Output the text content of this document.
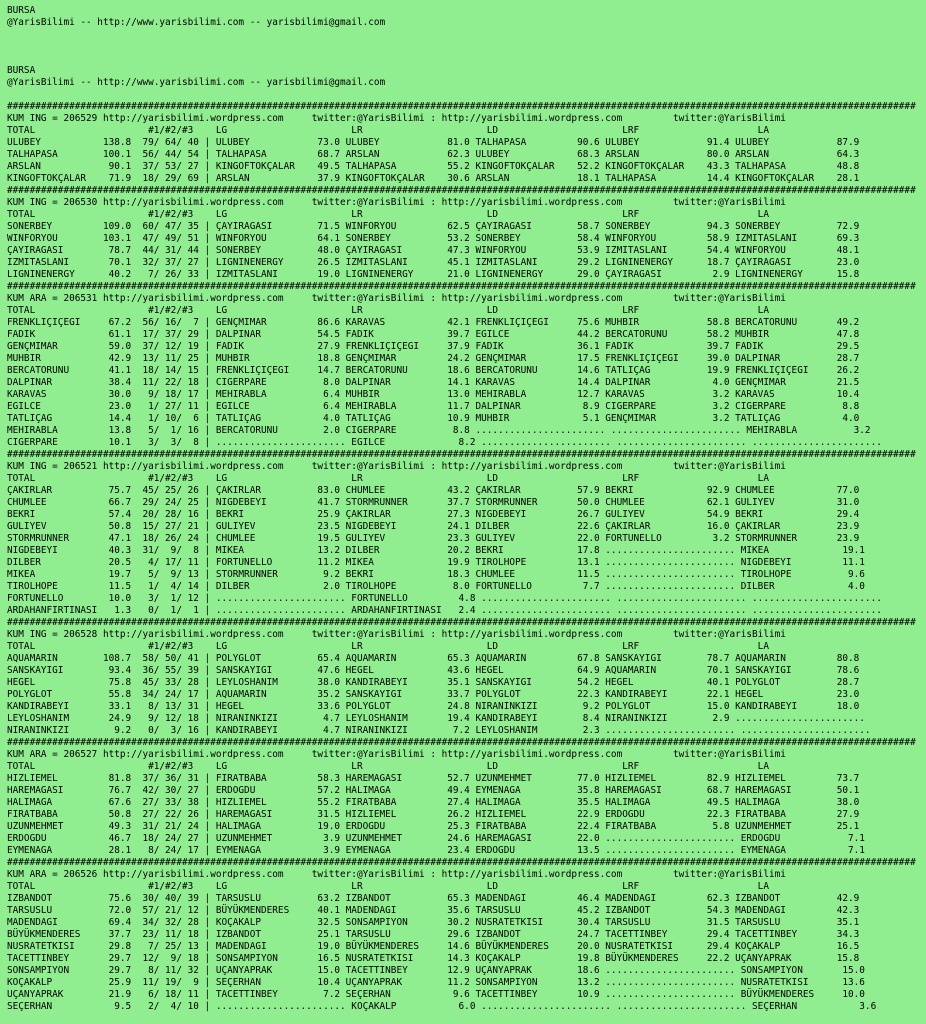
BURSA
@YarisBilimi -- http://www.yarisbilimi.com -- yarisbilimi@gmail.com

BURSA
@YarisBilimi -- http://www.yarisbilimi.com -- yarisbilimi@gmail.com

#################################################################################################################################################################
KUM ING = 206529 http://yarisbilimi.wordpress.com     twitter:@YarisBilimi : http://yarisbilimi.wordpress.com         twitter:@YarisBilimi
TOTAL                    #1/#2/#3    LG                      LR                      LD                      LRF                     LA
ULUBEY           138.8  79/ 64/ 40 | ULUBEY            73.0 ULUBEY            81.0 TALHAPASA         90.6 ULUBEY            91.4 ULUBEY            87.9
TALHAPASA        100.1  56/ 44/ 54 | TALHAPASA         68.7 ARSLAN            62.3 ULUBEY            68.3 ARSLAN            80.0 ARSLAN            64.3
ARSLAN            90.1  37/ 53/ 27 | KINGOFTOKÇALAR    49.5 TALHAPASA         55.2 KINGOFTOKÇALAR    52.2 KINGOFTOKÇALAR    43.3 TALHAPASA         48.8
KINGOFTOKÇALAR    71.9  18/ 29/ 69 | ARSLAN            37.9 KINGOFTOKÇALAR    30.6 ARSLAN            18.1 TALHAPASA         14.4 KINGOFTOKÇALAR    28.1
#################################################################################################################################################################
KUM ING = 206530 http://yarisbilimi.wordpress.com     twitter:@YarisBilimi : http://yarisbilimi.wordpress.com         twitter:@YarisBilimi
TOTAL                    #1/#2/#3    LG                      LR                      LD                      LRF                     LA
SONERBEY         109.0  60/ 47/ 35 | ÇAYIRAGASI        71.5 WINFORYOU         62.5 ÇAYIRAGASI        58.7 SONERBEY          94.3 SONERBEY          72.9
WINFORYOU        103.1  47/ 49/ 51 | WINFORYOU         64.1 SONERBEY          53.2 SONERBEY          58.4 WINFORYOU         58.9 IZMITASLANI       69.3
ÇAYIRAGASI        78.7  44/ 31/ 44 | SONERBEY          48.0 ÇAYIRAGASI        47.3 WINFORYOU         53.9 IZMITASLANI       54.4 WINFORYOU         48.1
IZMITASLANI       70.1  32/ 37/ 27 | LIGNINENERGY      26.5 IZMITASLANI       45.1 IZMITASLANI       29.2 LIGNINENERGY      18.7 ÇAYIRAGASI        23.0
LIGNINENERGY      40.2   7/ 26/ 33 | IZMITASLANI       19.0 LIGNINENERGY      21.0 LIGNINENERGY      29.0 ÇAYIRAGASI         2.9 LIGNINENERGY      15.8
#################################################################################################################################################################
KUM ARA = 206531 http://yarisbilimi.wordpress.com     twitter:@YarisBilimi : http://yarisbilimi.wordpress.com         twitter:@YarisBilimi
TOTAL                    #1/#2/#3    LG                      LR                      LD                      LRF                     LA
FRENKLIÇIÇEGI     67.2  56/ 16/  7 | GENÇMIMAR         86.6 KARAVAS           42.1 FRENKLIÇIÇEGI     75.6 MUHBIR            58.8 BERCATORUNU       49.2
FADIK             61.1  17/ 37/ 29 | DALPINAR          54.5 FADIK             39.7 EGILCE            44.2 BERCATORUNU       58.2 MUHBIR            47.8
GENÇMIMAR         59.0  37/ 12/ 19 | FADIK             27.9 FRENKLIÇIÇEGI     37.9 FADIK             36.1 FADIK             39.7 FADIK             29.5
MUHBIR            42.9  13/ 11/ 25 | MUHBIR            18.8 GENÇMIMAR         24.2 GENÇMIMAR         17.5 FRENKLIÇIÇEGI     39.0 DALPINAR          28.7
BERCATORUNU       41.1  18/ 14/ 15 | FRENKLIÇIÇEGI     14.7 BERCATORUNU       18.6 BERCATORUNU       14.6 TATLIÇAG          19.9 FRENKLIÇIÇEGI     26.2
DALPINAR          38.4  11/ 22/ 18 | CIGERPARE          8.0 DALPINAR          14.1 KARAVAS           14.4 DALPINAR           4.0 GENÇMIMAR         21.5
KARAVAS           30.0   9/ 18/ 17 | MEHIRABLA          6.4 MUHBIR            13.0 MEHIRABLA         12.7 KARAVAS            3.2 KARAVAS           10.4
EGILCE            23.0   1/ 27/ 11 | EGILCE             6.4 MEHIRABLA         11.7 DALPINAR           8.9 CIGERPARE          3.2 CIGERPARE          8.8
TATLIÇAG          14.4   1/ 10/  6 | TATLIÇAG           4.0 TATLIÇAG          10.9 MUHBIR             5.1 GENÇMIMAR          3.2 TATLIÇAG           4.0
MEHIRABLA         13.8   5/  1/ 16 | BERCATORUNU        2.0 CIGERPARE          8.8 ....................... ....................... MEHIRABLA          3.2
CIGERPARE         10.1   3/  3/  8 | ....................... EGILCE             8.2 ....................... ....................... .......................
#################################################################################################################################################################
KUM ING = 206521 http://yarisbilimi.wordpress.com     twitter:@YarisBilimi : http://yarisbilimi.wordpress.com         twitter:@YarisBilimi
TOTAL                    #1/#2/#3    LG                      LR                      LD                      LRF                     LA
ÇAKIRLAR          75.7  45/ 25/ 26 | ÇAKIRLAR          83.0 CHUMLEE           43.2 ÇAKIRLAR          57.9 BEKRI             92.9 CHUMLEE           77.0
CHUMLEE           66.7  29/ 24/ 25 | NIGDEBEYI         41.7 STORMRUNNER       37.7 STORMRUNNER       50.0 CHUMLEE           62.1 GULIYEV           31.0
BEKRI             57.4  20/ 28/ 16 | BEKRI             25.9 ÇAKIRLAR          27.3 NIGDEBEYI         26.7 GULIYEV           54.9 BEKRI             29.4
GULIYEV           50.8  15/ 27/ 21 | GULIYEV           23.5 NIGDEBEYI         24.1 DILBER            22.6 ÇAKIRLAR          16.0 ÇAKIRLAR          23.9
STORMRUNNER       47.1  18/ 26/ 24 | CHUMLEE           19.5 GULIYEV           23.3 GULIYEV           22.0 FORTUNELLO         3.2 STORMRUNNER       23.9
NIGDEBEYI         40.3  31/  9/  8 | MIKEA             13.2 DILBER            20.2 BEKRI             17.8 ....................... MIKEA             19.1
DILBER            20.5   4/ 17/ 11 | FORTUNELLO        11.2 MIKEA             19.9 TIROLHOPE         13.1 ....................... NIGDEBEYI         11.1
MIKEA             19.7   5/  9/ 13 | STORMRUNNER        9.2 BEKRI             18.3 CHUMLEE           11.5 ....................... TIROLHOPE          9.6
TIROLHOPE         11.5   1/  4/ 14 | DILBER             2.0 TIROLHOPE          8.0 FORTUNELLO         7.7 ....................... DILBER             4.0
FORTUNELLO        10.0   3/  1/ 12 | ....................... FORTUNELLO         4.8 ....................... ....................... .......................
ARDAHANFIRTINASI   1.3   0/  1/  1 | ....................... ARDAHANFIRTINASI   2.4 ....................... ....................... .......................
#################################################################################################################################################################
KUM ING = 206528 http://yarisbilimi.wordpress.com     twitter:@YarisBilimi : http://yarisbilimi.wordpress.com         twitter:@YarisBilimi
TOTAL                    #1/#2/#3    LG                      LR                      LD                      LRF                     LA
AQUAMARIN        108.7  58/ 50/ 41 | POLYGLOT          65.4 AQUAMARIN         65.3 AQUAMARIN         67.8 SANSKAYIGI        78.7 AQUAMARIN         80.8
SANSKAYIGI        93.4  36/ 55/ 39 | SANSKAYIGI        47.6 HEGEL             43.6 HEGEL             64.9 AQUAMARIN         70.1 SANSKAYIGI        78.6
HEGEL             75.8  45/ 33/ 28 | LEYLOSHANIM       38.0 KANDIRABEYI       35.1 SANSKAYIGI        54.2 HEGEL             40.1 POLYGLOT          28.7
POLYGLOT          55.8  34/ 24/ 17 | AQUAMARIN         35.2 SANSKAYIGI        33.7 POLYGLOT          22.3 KANDIRABEYI       22.1 HEGEL             23.0
KANDIRABEYI       33.1   8/ 13/ 31 | HEGEL             33.6 POLYGLOT          24.8 NIRANINKIZI        9.2 POLYGLOT          15.0 KANDIRABEYI       18.0
LEYLOSHANIM       24.9   9/ 12/ 18 | NIRANINKIZI        4.7 LEYLOSHANIM       19.4 KANDIRABEYI        8.4 NIRANINKIZI        2.9 .......................
NIRANINKIZI        9.2   0/  3/ 16 | KANDIRABEYI        4.7 NIRANINKIZI        7.2 LEYLOSHANIM        2.3 ....................... .......................
#################################################################################################################################################################
KUM ARA = 206527 http://yarisbilimi.wordpress.com     twitter:@YarisBilimi : http://yarisbilimi.wordpress.com         twitter:@YarisBilimi
TOTAL                    #1/#2/#3    LG                      LR                      LD                      LRF                     LA
HIZLIEMEL         81.8  37/ 36/ 31 | FIRATBABA         58.3 HAREMAGASI        52.7 UZUNMEHMET        77.0 HIZLIEMEL         82.9 HIZLIEMEL         73.7
HAREMAGASI        76.7  42/ 30/ 27 | ERDOGDU           57.2 HALIMAGA          49.4 EYMENAGA          35.8 HAREMAGASI        68.7 HAREMAGASI        50.1
HALIMAGA          67.6  27/ 33/ 38 | HIZLIEMEL         55.2 FIRATBABA         27.4 HALIMAGA          35.5 HALIMAGA          49.5 HALIMAGA          38.0
FIRATBABA         50.8  27/ 22/ 26 | HAREMAGASI        31.5 HIZLIEMEL         26.2 HIZLIEMEL         22.9 ERDOGDU           22.3 FIRATBABA         27.9
UZUNMEHMET        49.3  31/ 21/ 24 | HALIMAGA          19.0 ERDOGDU           25.3 FIRATBABA         22.4 FIRATBABA          5.8 UZUNMEHMET        25.1
ERDOGDU           46.7  18/ 24/ 27 | UZUNMEHMET         3.9 UZUNMEHMET        24.6 HAREMAGASI        22.0 ....................... ERDOGDU            7.1
EYMENAGA          28.1   8/ 24/ 17 | EYMENAGA           3.9 EYMENAGA          23.4 ERDOGDU           13.5 ....................... EYMENAGA           7.1
#################################################################################################################################################################
KUM ARA = 206526 http://yarisbilimi.wordpress.com     twitter:@YarisBilimi : http://yarisbilimi.wordpress.com         twitter:@YarisBilimi
TOTAL                    #1/#2/#3    LG                      LR                      LD                      LRF                     LA
IZBANDOT          75.6  30/ 40/ 39 | TARSUSLU          63.2 IZBANDOT          65.3 MADENDAGI         46.4 MADENDAGI         62.3 IZBANDOT          42.9
TARSUSLU          72.0  57/ 21/ 12 | BÜYÜKMENDERES     40.1 MADENDAGI         35.6 TARSUSLU          45.2 IZBANDOT          54.3 MADENDAGI         42.3
MADENDAGI         69.4  34/ 32/ 28 | KOÇAKALP          32.5 SONSAMPIYON       30.2 NUSRATETKISI      30.4 TARSUSLU          31.5 TARSUSLU          35.1
BÜYÜKMENDERES     37.7  23/ 11/ 18 | IZBANDOT          25.1 TARSUSLU          29.6 IZBANDOT          24.7 TACETTINBEY       29.4 TACETTINBEY       34.3
NUSRATETKISI      29.8   7/ 25/ 13 | MADENDAGI         19.0 BÜYÜKMENDERES     14.6 BÜYÜKMENDERES     20.0 NUSRATETKISI      29.4 KOÇAKALP          16.5
TACETTINBEY       29.7  12/  9/ 18 | SONSAMPIYON       16.5 NUSRATETKISI      14.3 KOÇAKALP          19.8 BÜYÜKMENDERES     22.2 UÇANYAPRAK        15.8
SONSAMPIYON       29.7   8/ 11/ 32 | UÇANYAPRAK        15.0 TACETTINBEY       12.9 UÇANYAPRAK        18.6 ....................... SONSAMPIYON       15.0
KOÇAKALP          25.9  11/ 19/  9 | SEÇERHAN          10.4 UÇANYAPRAK        11.2 SONSAMPIYON       13.2 ....................... NUSRATETKISI      13.6
UÇANYAPRAK        21.9   6/ 18/ 11 | TACETTINBEY        7.2 SEÇERHAN           9.6 TACETTINBEY       10.9 ....................... BÜYÜKMENDERES     10.0
SEÇERHAN           9.5   2/  4/ 10 | ....................... KOÇAKALP           6.0 ....................... ....................... SEÇERHAN           3.6
